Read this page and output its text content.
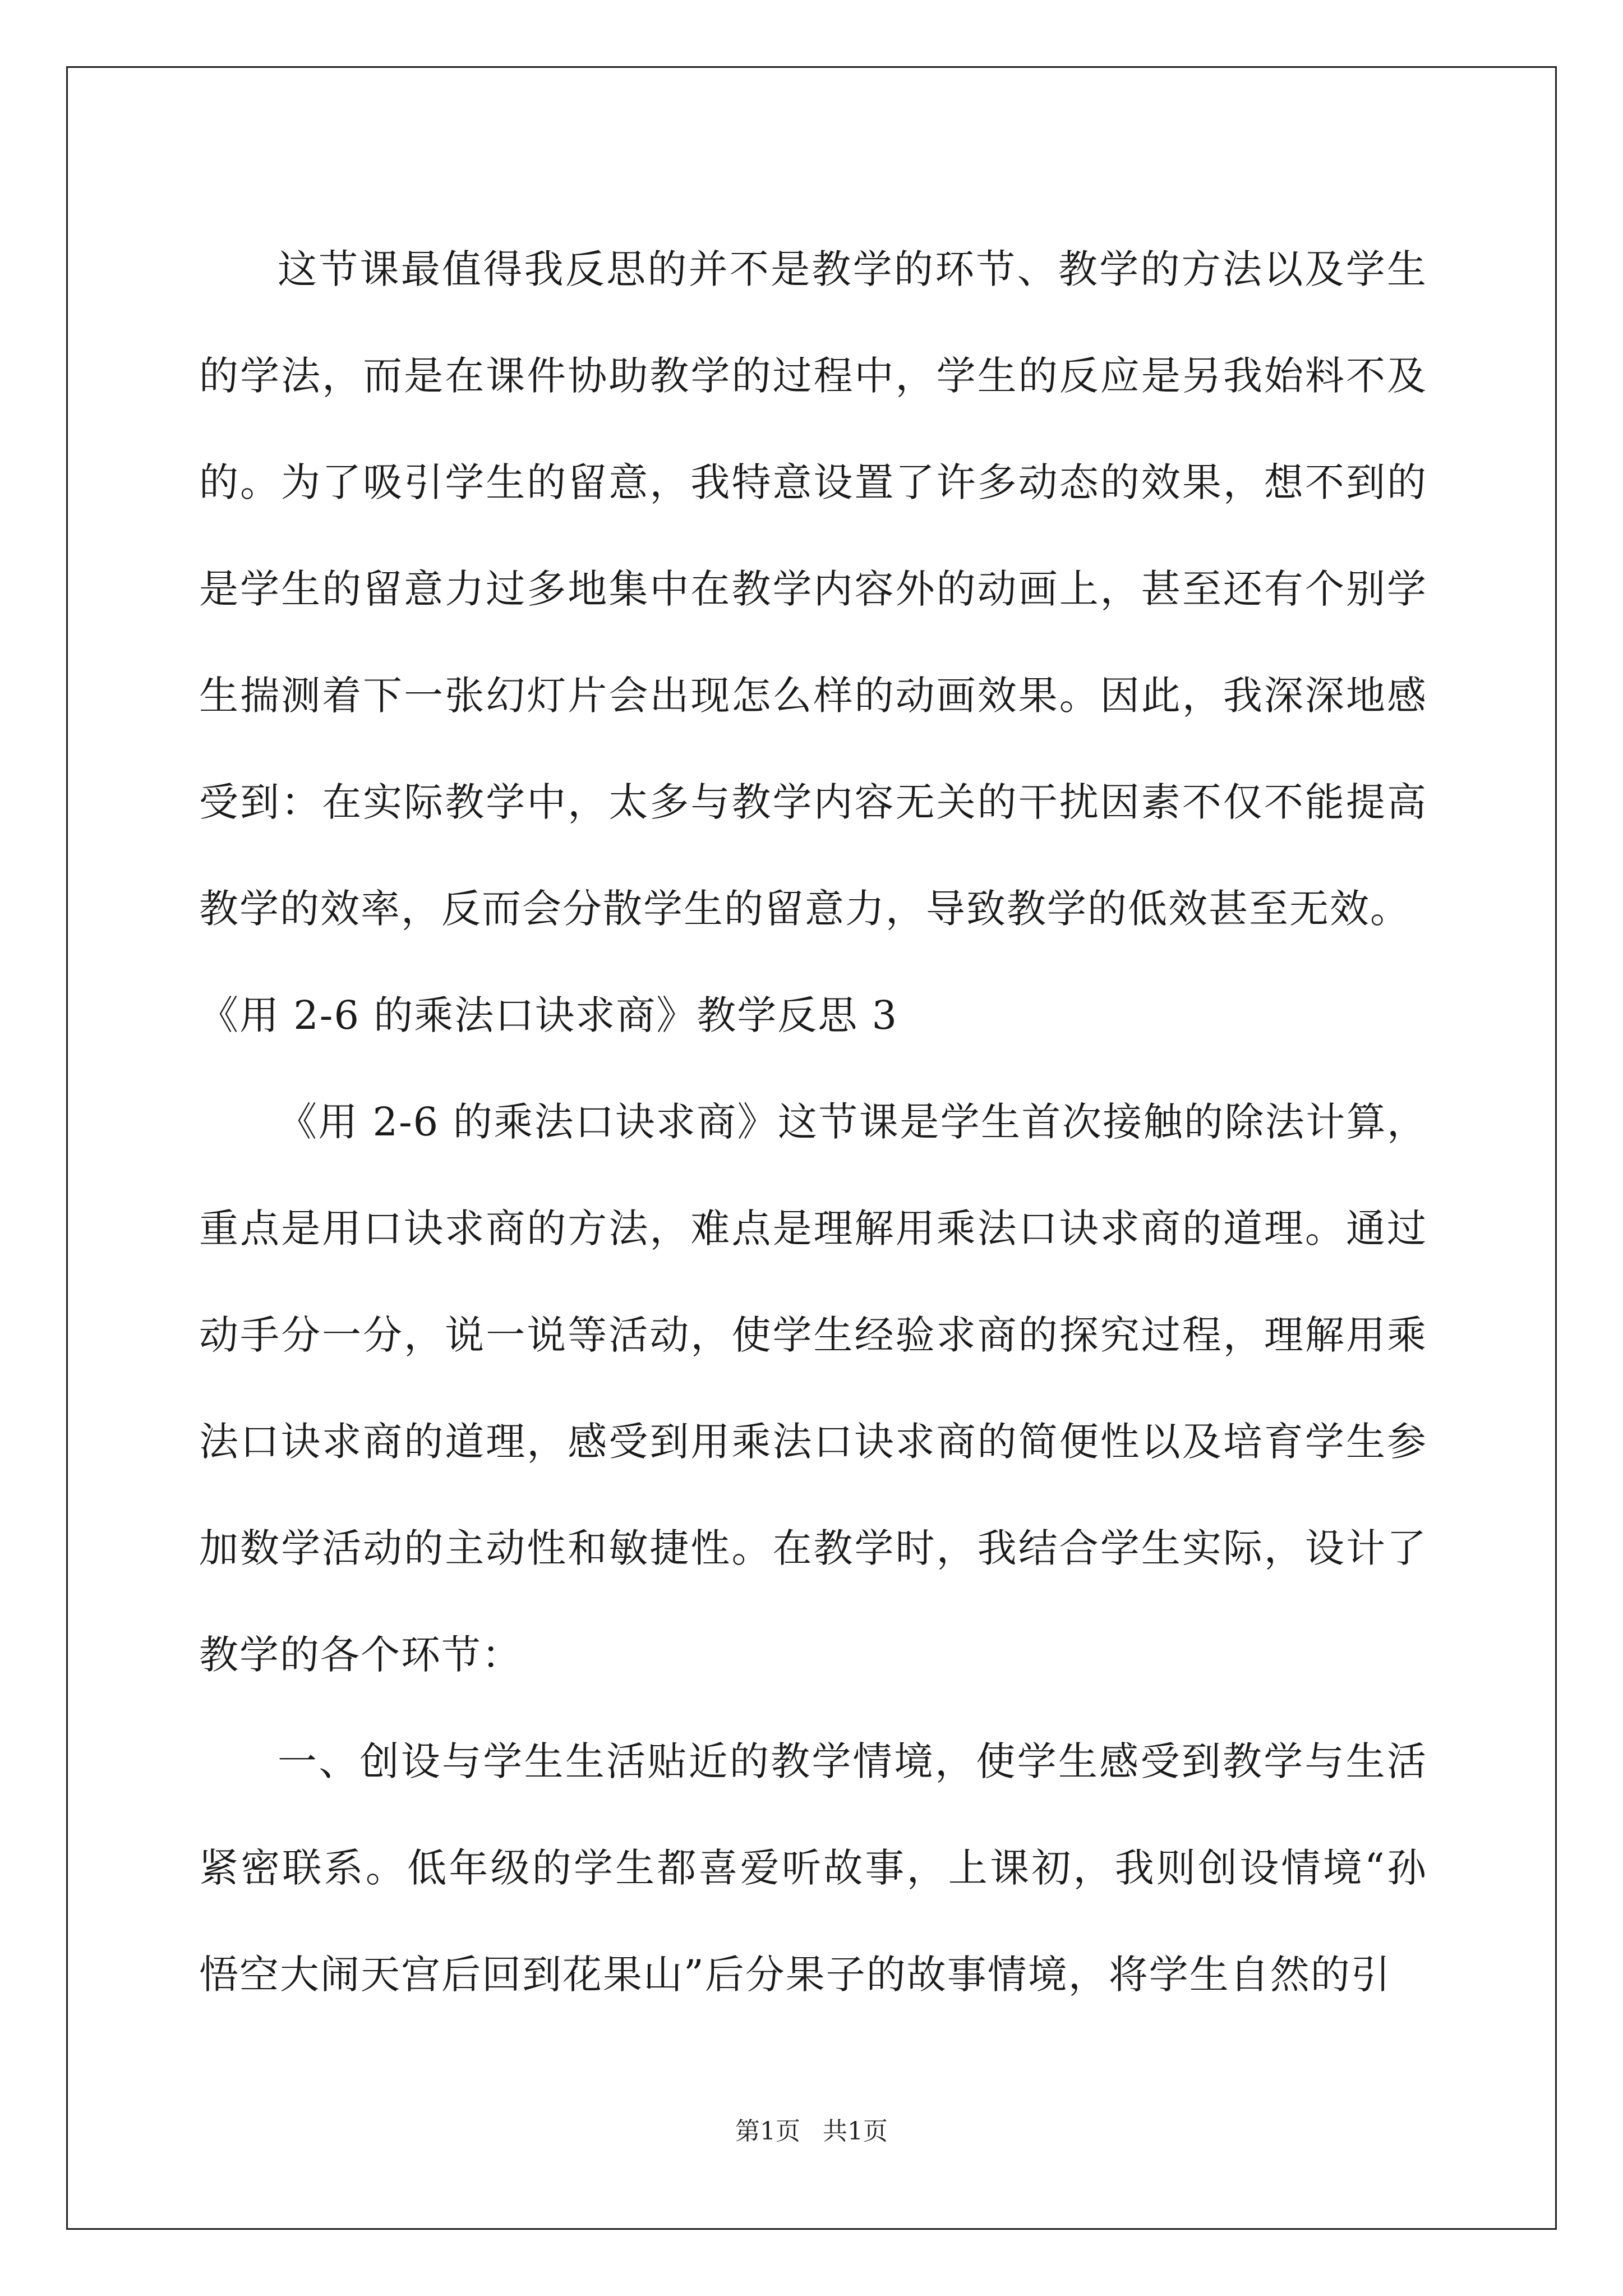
这节课最值得我反思的并不是教学的环节、教学的方法以及学生的学法，而是在课件协助教学的过程中，学生的反应是另我始料不及的。为了吸引学生的留意，我特意设置了许多动态的效果，想不到的是学生的留意力过多地集中在教学内容外的动画上，甚至还有个别学生揣测着下一张幻灯片会出现怎么样的动画效果。因此，我深深地感受到：在实际教学中，太多与教学内容无关的干扰因素不仅不能提高教学的效率，反而会分散学生的留意力，导致教学的低效甚至无效。

《用 2-6 的乘法口诀求商》教学反思 3

《用 2-6 的乘法口诀求商》这节课是学生首次接触的除法计算，重点是用口诀求商的方法，难点是理解用乘法口诀求商的道理。通过动手分一分，说一说等活动，使学生经验求商的探究过程，理解用乘法口诀求商的道理，感受到用乘法口诀求商的简便性以及培育学生参加数学活动的主动性和敏捷性。在教学时，我结合学生实际，设计了教学的各个环节：

一、创设与学生生活贴近的教学情境，使学生感受到教学与生活紧密联系。低年级的学生都喜爱听故事，上课初，我则创设情境“孙悟空大闹天宫后回到花果山”后分果子的故事情境，将学生自然的引

第1页 共1页
